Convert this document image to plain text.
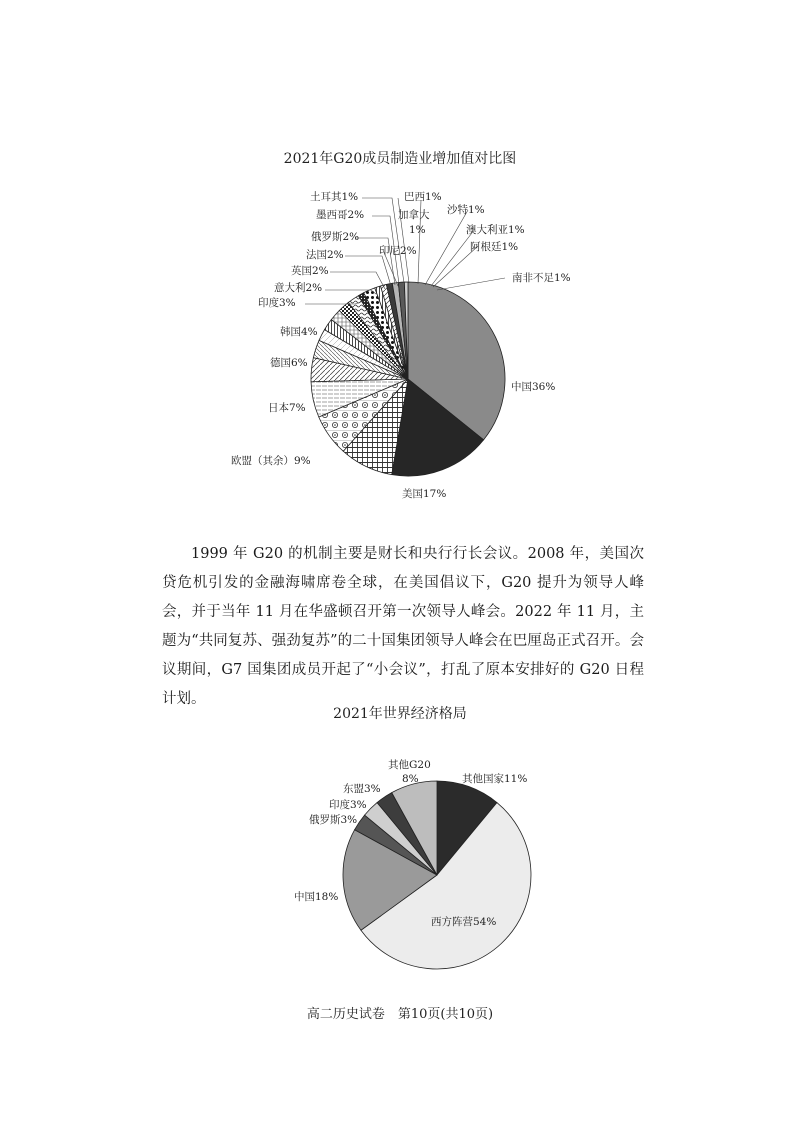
2021年G20成员制造业增加值对比图
土耳其1%	巴西1%
墨西哥2%	加拿大
1%
沙特1%
俄罗斯2%
澳大利亚1%
法国2%	印尼2%	阿根廷1%
英国2%
南非不足1%
意大利2%
印度3%
韩国4%
德国6%
中国36%
日本7%
欧盟（其余）9%
美国17%
1999 年 G20 的机制主要是财长和央行行长会议。2008 年，美国次贷危机引发的金融海啸席卷全球，在美国倡议下，G20 提升为领导人峰会，并于当年 11 月在华盛顿召开第一次领导人峰会。2022 年 11 月，主题为“共同复苏、强劲复苏”的二十国集团领导人峰会在巴厘岛正式召开。会议期间，G7 国集团成员开起了“小会议”，打乱了原本安排好的 G20 日程计划。
2021年世界经济格局
其他G20
8%	其他国家11%
东盟3%
印度3%
俄罗斯3%
中国18%
西方阵营54%
高二历史试卷　第10页(共10页)
